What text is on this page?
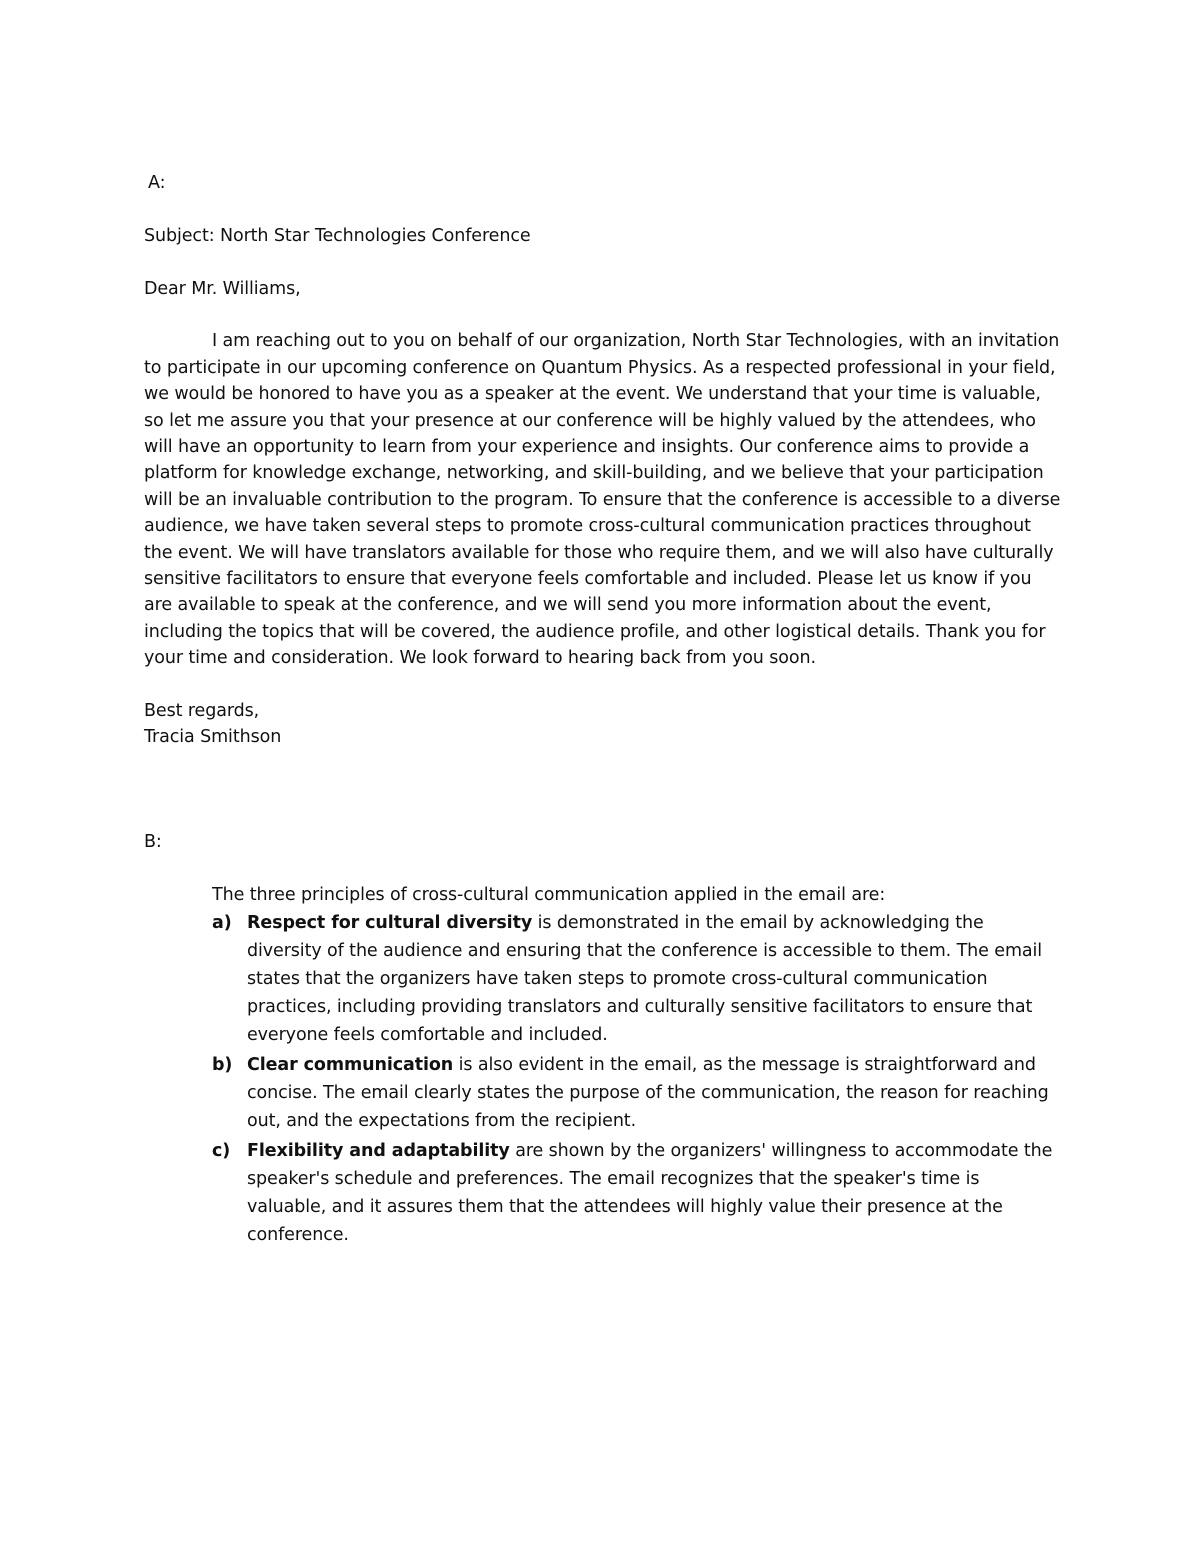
A:

Subject: North Star Technologies Conference

Dear Mr. Williams,

I am reaching out to you on behalf of our organization, North Star Technologies, with an invitation to participate in our upcoming conference on Quantum Physics. As a respected professional in your field, we would be honored to have you as a speaker at the event. We understand that your time is valuable, so let me assure you that your presence at our conference will be highly valued by the attendees, who will have an opportunity to learn from your experience and insights. Our conference aims to provide a platform for knowledge exchange, networking, and skill-building, and we believe that your participation will be an invaluable contribution to the program. To ensure that the conference is accessible to a diverse audience, we have taken several steps to promote cross-cultural communication practices throughout the event. We will have translators available for those who require them, and we will also have culturally sensitive facilitators to ensure that everyone feels comfortable and included. Please let us know if you are available to speak at the conference, and we will send you more information about the event, including the topics that will be covered, the audience profile, and other logistical details. Thank you for your time and consideration. We look forward to hearing back from you soon.

Best regards,

Tracia Smithson

B:

The three principles of cross-cultural communication applied in the email are:

a) Respect for cultural diversity is demonstrated in the email by acknowledging the diversity of the audience and ensuring that the conference is accessible to them. The email states that the organizers have taken steps to promote cross-cultural communication practices, including providing translators and culturally sensitive facilitators to ensure that everyone feels comfortable and included.
b) Clear communication is also evident in the email, as the message is straightforward and concise. The email clearly states the purpose of the communication, the reason for reaching out, and the expectations from the recipient.
c) Flexibility and adaptability are shown by the organizers' willingness to accommodate the speaker's schedule and preferences. The email recognizes that the speaker's time is valuable, and it assures them that the attendees will highly value their presence at the conference.
